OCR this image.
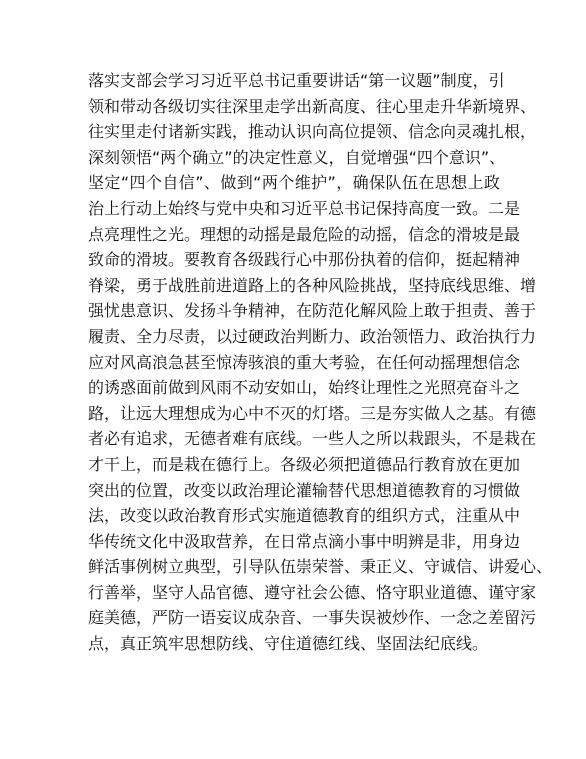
落实支部会学习习近平总书记重要讲话“第一议题”制度，引
领和带动各级切实往深里走学出新高度、往心里走升华新境界、
往实里走付诸新实践，推动认识向高位提领、信念向灵魂扎根，
深刻领悟“两个确立”的决定性意义，自觉增强“四个意识”、
坚定“四个自信”、做到“两个维护”，确保队伍在思想上政
治上行动上始终与党中央和习近平总书记保持高度一致。二是
点亮理性之光。理想的动摇是最危险的动摇，信念的滑坡是最
致命的滑坡。要教育各级践行心中那份执着的信仰，挺起精神
脊梁，勇于战胜前进道路上的各种风险挑战，坚持底线思维、增
强忧患意识、发扬斗争精神，在防范化解风险上敢于担责、善于
履责、全力尽责，以过硬政治判断力、政治领悟力、政治执行力
应对风高浪急甚至惊涛骇浪的重大考验，在任何动摇理想信念
的诱惑面前做到风雨不动安如山，始终让理性之光照亮奋斗之
路，让远大理想成为心中不灭的灯塔。三是夯实做人之基。有德
者必有追求，无德者难有底线。一些人之所以栽跟头，不是栽在
才干上，而是栽在德行上。各级必须把道德品行教育放在更加
突出的位置，改变以政治理论灌输替代思想道德教育的习惯做
法，改变以政治教育形式实施道德教育的组织方式，注重从中
华传统文化中汲取营养，在日常点滴小事中明辨是非，用身边
鲜活事例树立典型，引导队伍崇荣誉、秉正义、守诚信、讲爱心、
行善举，坚守人品官德、遵守社会公德、恪守职业道德、谨守家
庭美德，严防一语妄议成杂音、一事失误被炒作、一念之差留污
点，真正筑牢思想防线、守住道德红线、坚固法纪底线。
